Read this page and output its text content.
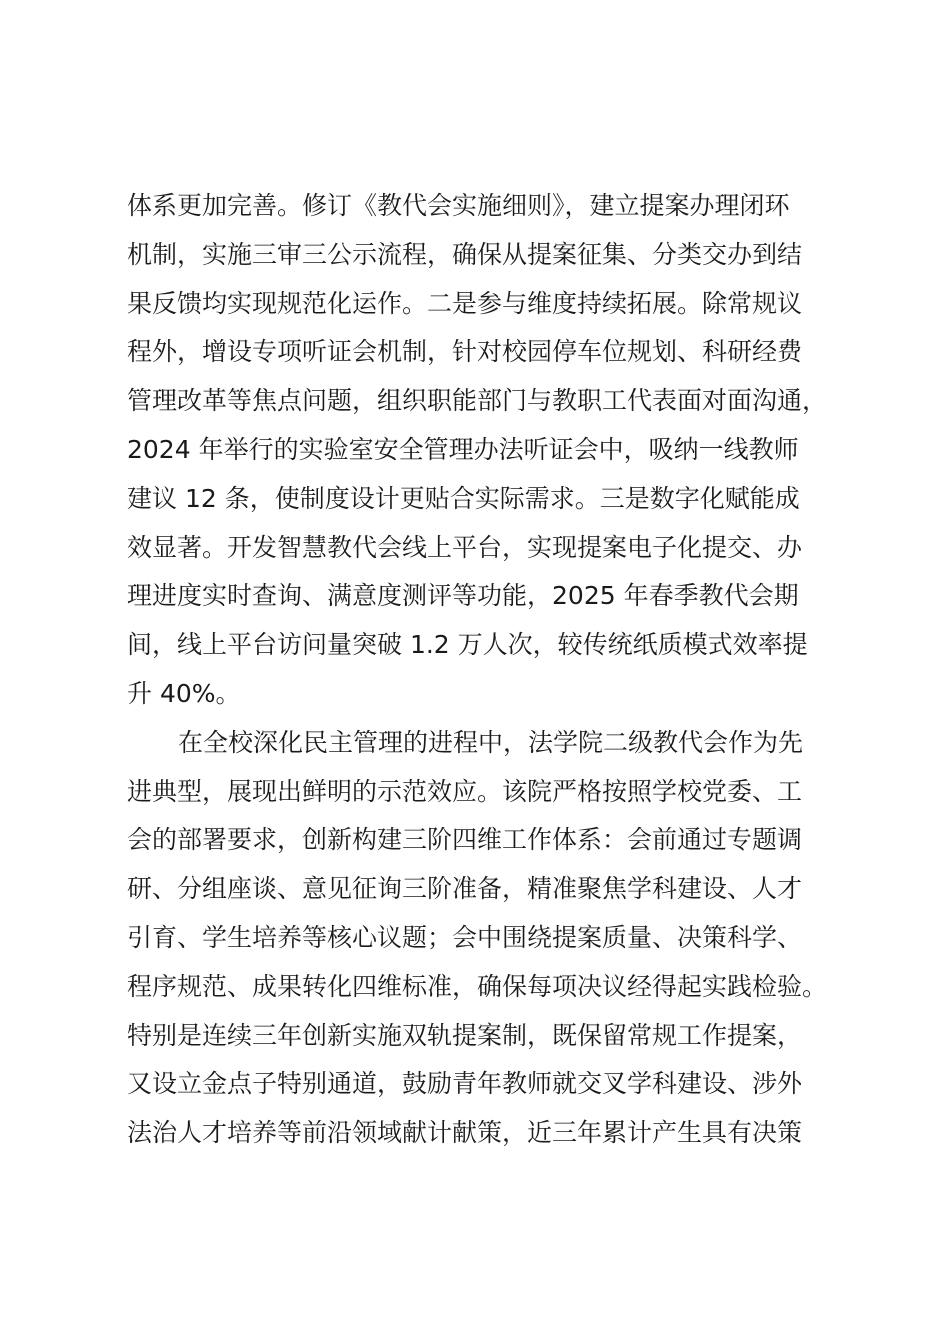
体系更加完善。修订《教代会实施细则》，建立提案办理闭环
机制，实施三审三公示流程，确保从提案征集、分类交办到结
果反馈均实现规范化运作。二是参与维度持续拓展。除常规议
程外，增设专项听证会机制，针对校园停车位规划、科研经费
管理改革等焦点问题，组织职能部门与教职工代表面对面沟通，
2024 年举行的实验室安全管理办法听证会中，吸纳一线教师
建议 12 条，使制度设计更贴合实际需求。三是数字化赋能成
效显著。开发智慧教代会线上平台，实现提案电子化提交、办
理进度实时查询、满意度测评等功能，2025 年春季教代会期
间，线上平台访问量突破 1.2 万人次，较传统纸质模式效率提
升 40%。
在全校深化民主管理的进程中，法学院二级教代会作为先
进典型，展现出鲜明的示范效应。该院严格按照学校党委、工
会的部署要求，创新构建三阶四维工作体系：会前通过专题调
研、分组座谈、意见征询三阶准备，精准聚焦学科建设、人才
引育、学生培养等核心议题；会中围绕提案质量、决策科学、
程序规范、成果转化四维标准，确保每项决议经得起实践检验。
特别是连续三年创新实施双轨提案制，既保留常规工作提案，
又设立金点子特别通道，鼓励青年教师就交叉学科建设、涉外
法治人才培养等前沿领域献计献策，近三年累计产生具有决策
